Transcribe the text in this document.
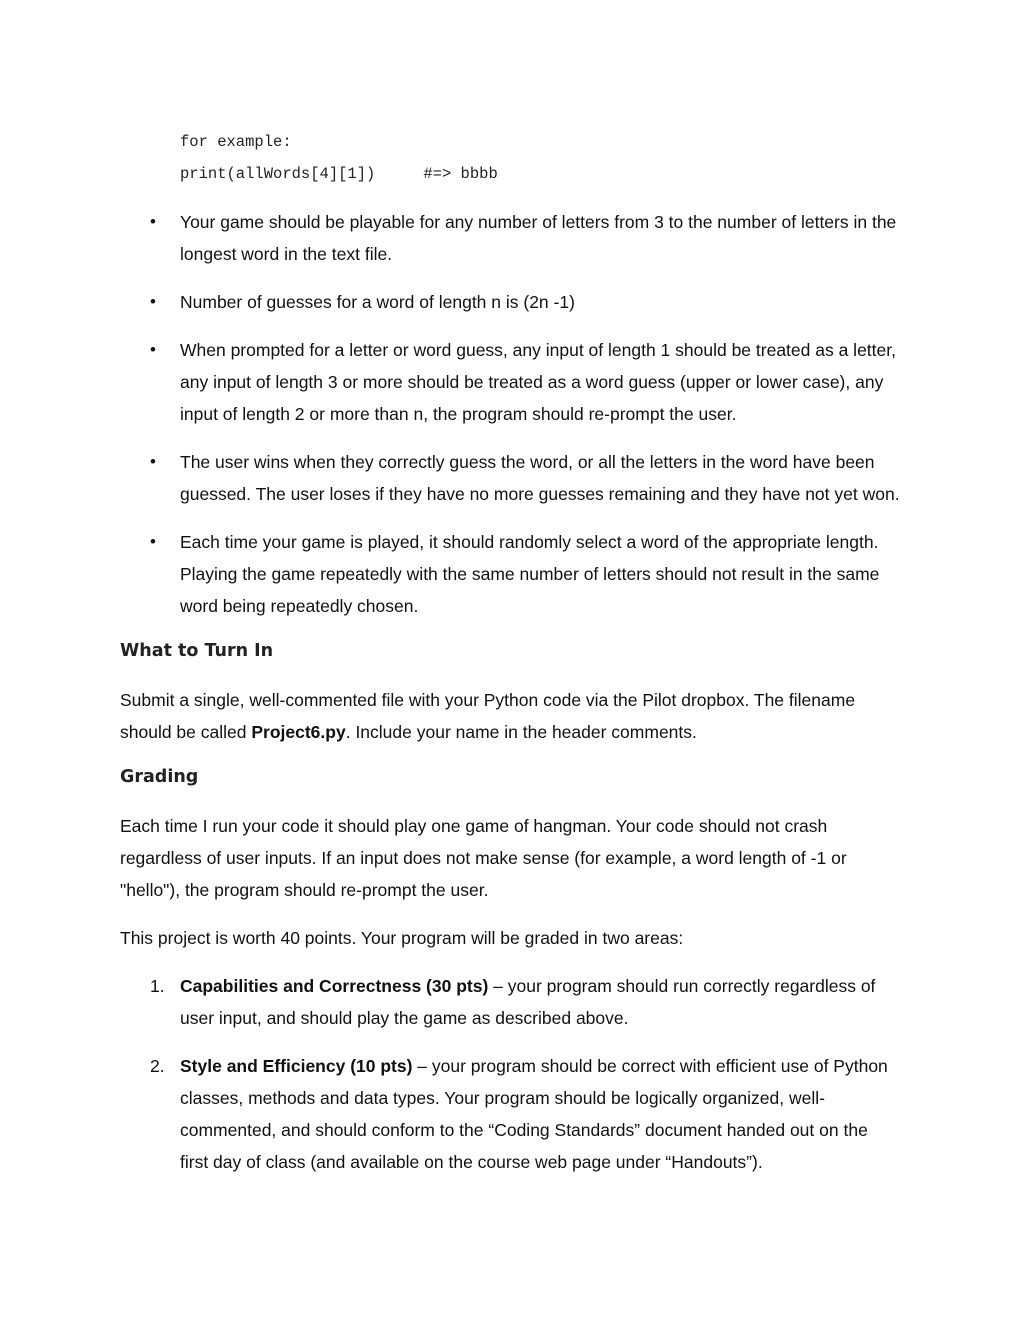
for example:
print(allWords[4][1])	#=> bbbb
• Your game should be playable for any number of letters from 3 to the number of letters in the longest word in the text file.
• Number of guesses for a word of length n is (2n -1)
• When prompted for a letter or word guess, any input of length 1 should be treated as a letter, any input of length 3 or more should be treated as a word guess (upper or lower case), any input of length 2 or more than n, the program should re-prompt the user.
• The user wins when they correctly guess the word, or all the letters in the word have been guessed. The user loses if they have no more guesses remaining and they have not yet won.
• Each time your game is played, it should randomly select a word of the appropriate length. Playing the game repeatedly with the same number of letters should not result in the same word being repeatedly chosen.
What to Turn In
Submit a single, well-commented file with your Python code via the Pilot dropbox. The filename should be called Project6.py. Include your name in the header comments.
Grading
Each time I run your code it should play one game of hangman. Your code should not crash regardless of user inputs. If an input does not make sense (for example, a word length of -1 or "hello"), the program should re-prompt the user.
This project is worth 40 points. Your program will be graded in two areas:
1. Capabilities and Correctness (30 pts) – your program should run correctly regardless of user input, and should play the game as described above.
2. Style and Efficiency (10 pts) – your program should be correct with efficient use of Python classes, methods and data types. Your program should be logically organized, well-commented, and should conform to the “Coding Standards” document handed out on the first day of class (and available on the course web page under “Handouts”).
